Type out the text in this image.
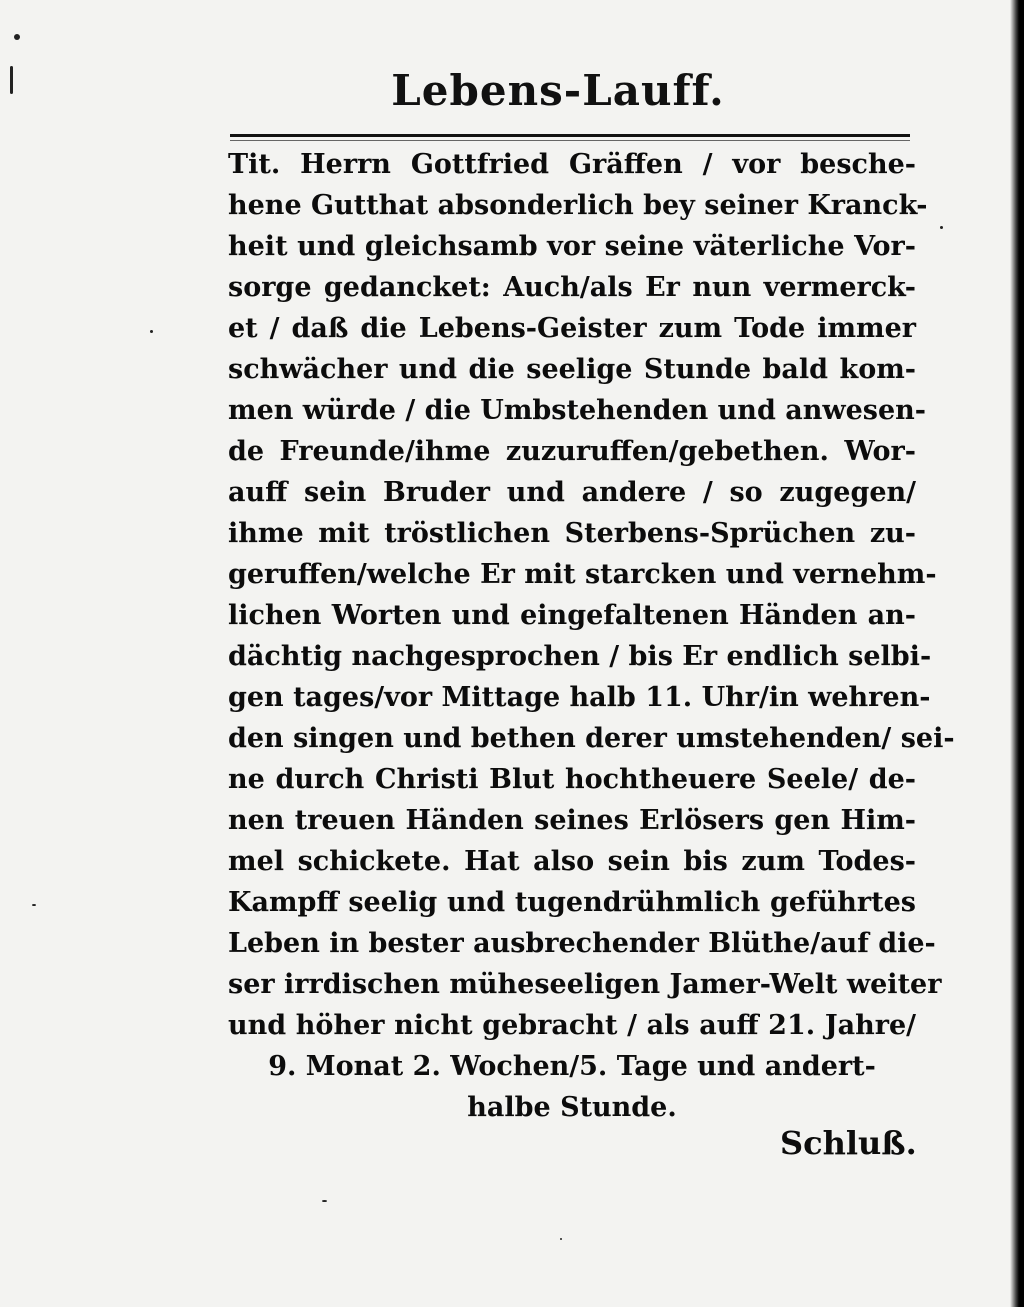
Lebens-Lauff.
Tit. Herrn Gottfried Gräffen / vor besche-
hene Gutthat absonderlich bey seiner Kranck-
heit und gleichsamb vor seine väterliche Vor-
sorge gedancket: Auch/als Er nun vermerck-
et / daß die Lebens-Geister zum Tode immer
schwächer und die seelige Stunde bald kom-
men würde / die Umbstehenden und anwesen-
de Freunde/ihme zuzuruffen/gebethen. Wor-
auff sein Bruder und andere / so zugegen/
ihme mit tröstlichen Sterbens-Sprüchen zu-
geruffen/welche Er mit starcken und vernehm-
lichen Worten und eingefaltenen Händen an-
dächtig nachgesprochen / bis Er endlich selbi-
gen tages/vor Mittage halb 11. Uhr/in wehren-
den singen und bethen derer umstehenden/ sei-
ne durch Christi Blut hochtheuere Seele/ de-
nen treuen Händen seines Erlösers gen Him-
mel schickete. Hat also sein bis zum Todes-
Kampff seelig und tugendrühmlich geführtes
Leben in bester ausbrechender Blüthe/auf die-
ser irrdischen müheseeligen Jamer-Welt weiter
und höher nicht gebracht / als auff 21. Jahre/
9. Monat 2. Wochen/5. Tage und andert-
halbe Stunde.
Schluß.
